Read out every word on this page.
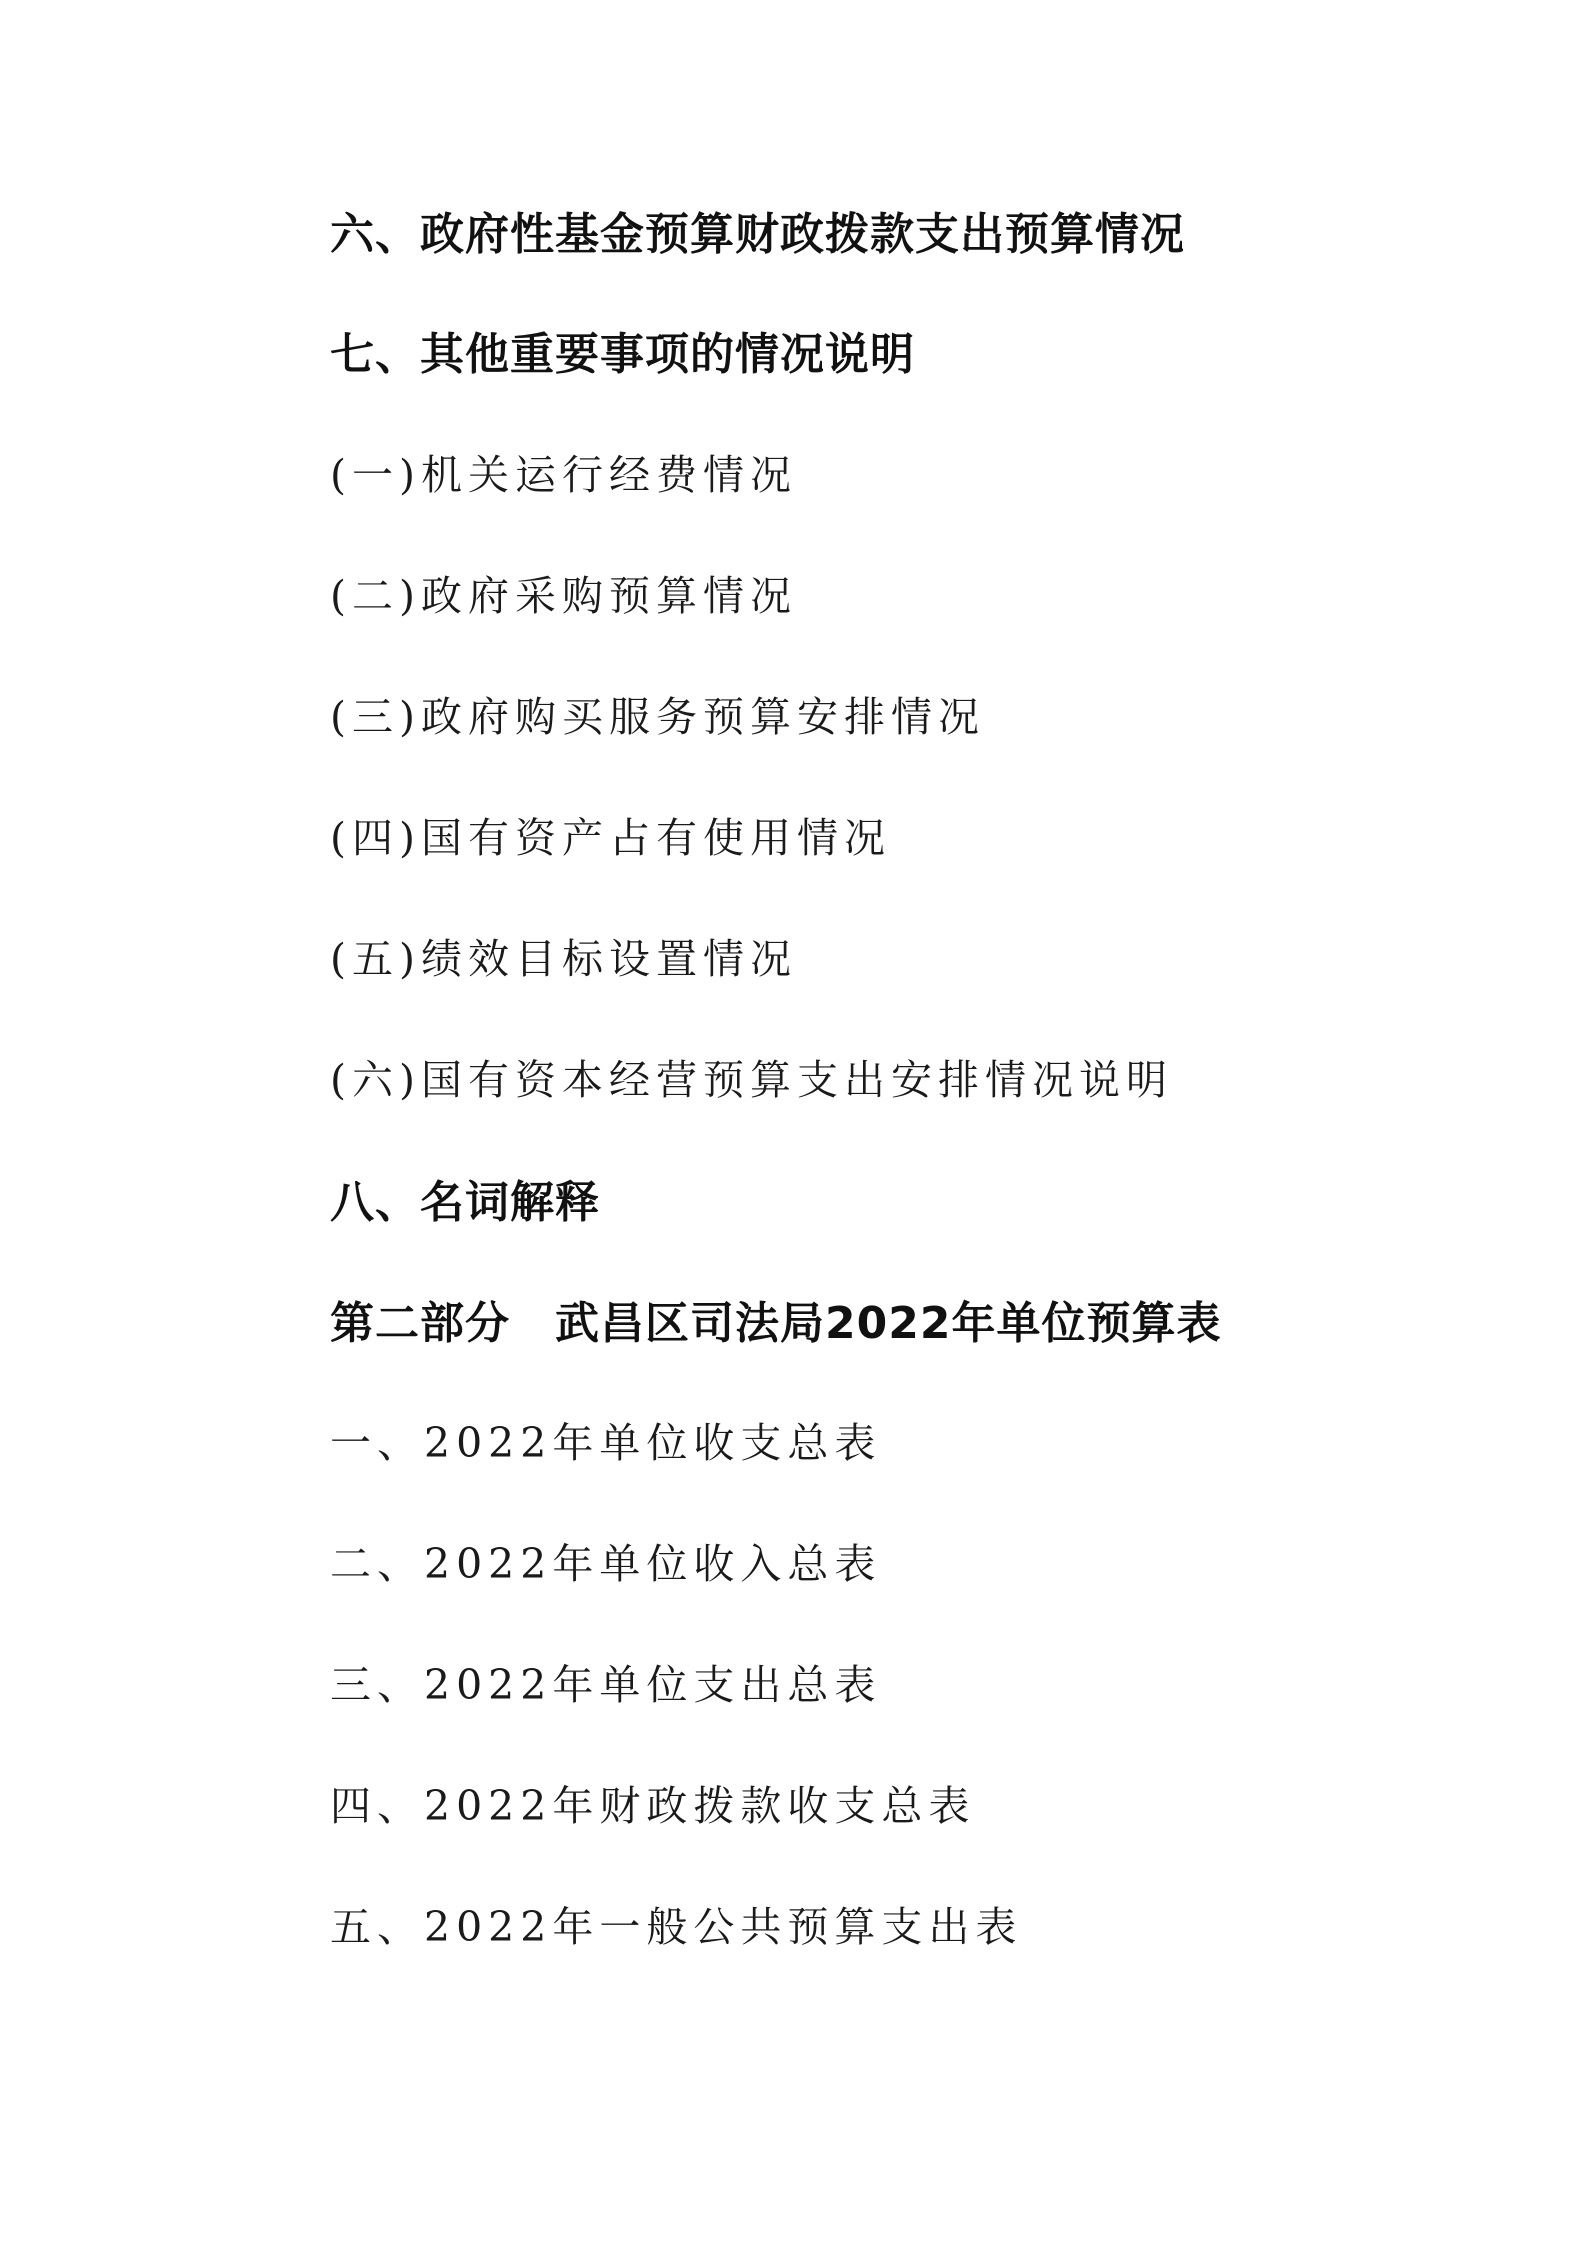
六、政府性基金预算财政拨款支出预算情况
七、其他重要事项的情况说明
(一)机关运行经费情况
(二)政府采购预算情况
(三)政府购买服务预算安排情况
(四)国有资产占有使用情况
(五)绩效目标设置情况
(六)国有资本经营预算支出安排情况说明
八、名词解释
第二部分　武昌区司法局2022年单位预算表
一、2022年单位收支总表
二、2022年单位收入总表
三、2022年单位支出总表
四、2022年财政拨款收支总表
五、2022年一般公共预算支出表
